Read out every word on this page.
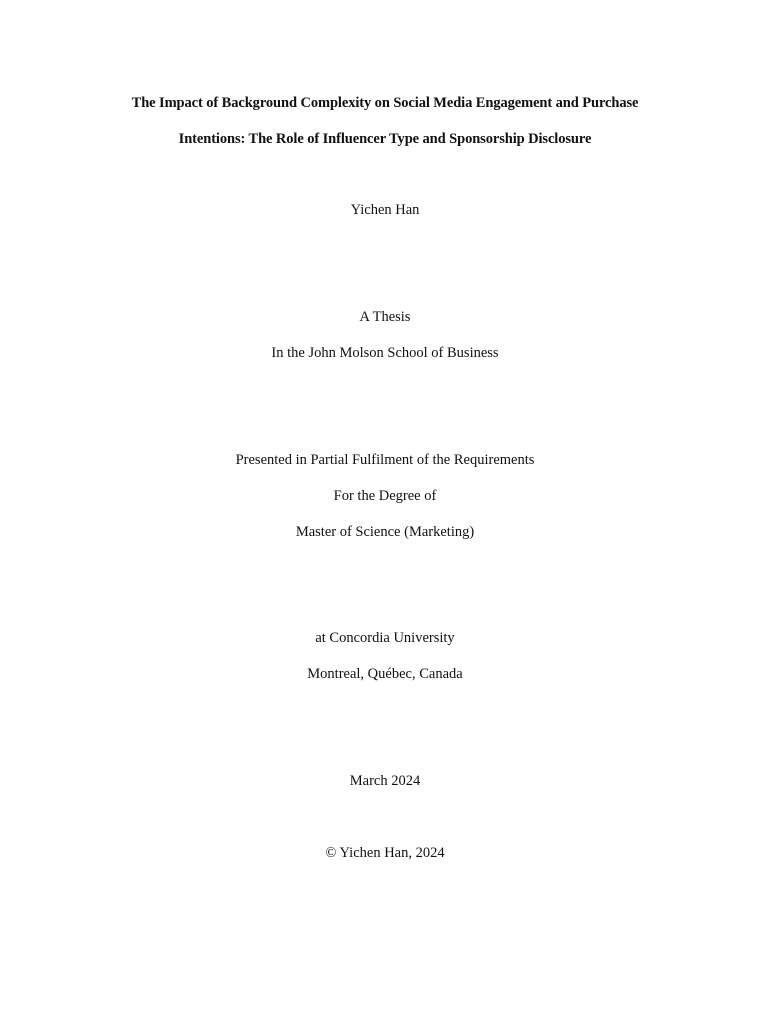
The Impact of Background Complexity on Social Media Engagement and Purchase
Intentions: The Role of Influencer Type and Sponsorship Disclosure
Yichen Han
A Thesis
In the John Molson School of Business
Presented in Partial Fulfilment of the Requirements
For the Degree of
Master of Science (Marketing)
at Concordia University
Montreal, Québec, Canada
March 2024
© Yichen Han, 2024
